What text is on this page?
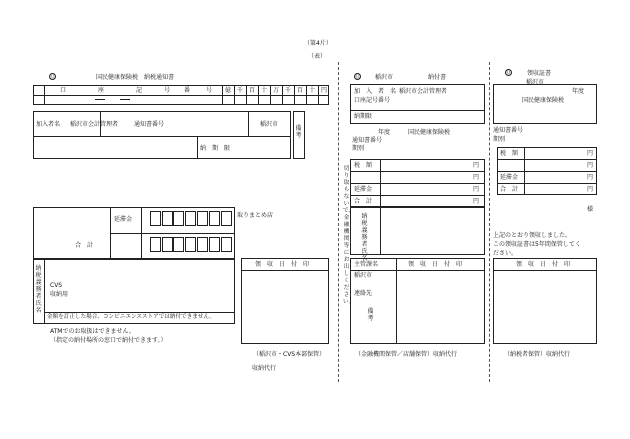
（第4片）
（表）
⑫	国民健康保険税　納税通知書
口	座	記	号 番	号 億 千 百 十 万 千 百 十 円
加入者名 稲沢市会計管理者	通知書番号	稲沢市
納　期　限
備考
延滞金
合　計
取りまとめ店
納税義務者氏名
CVS
収納用
金額を訂正した場合、コンビニエンスストアでは納付できません。
ATMでのお取扱はできません。
（指定の納付場所の窓口で納付できます。）
領　収　日　付　印
（稲沢市・CVS本部保管）
収納代行
⑫ 稲沢市	納付書
加　入　者　名 稲沢市会計管理者
口座記号番号
納期限
年度	国民健康保険税
通知書番号
期別
税　額	円
円
延滞金	円
合　計	円
納税義務者氏名
切り取らないで、金融機関等にお出しください。
主管課名
稲沢市
連絡先
備考
領　収　日　付　印
（金融機関保管／店舗保管）収納代行
⑬	領収証書
稲沢市
年度
国民健康保険税
通知書番号
期別
税　額	円
円
延滞金	円
合　計	円
様
上記のとおり領収しました。
この領収証書は5年間保管してく
ださい。
領　収　日　付　印
（納税者保管）収納代行
.	.
.	.
